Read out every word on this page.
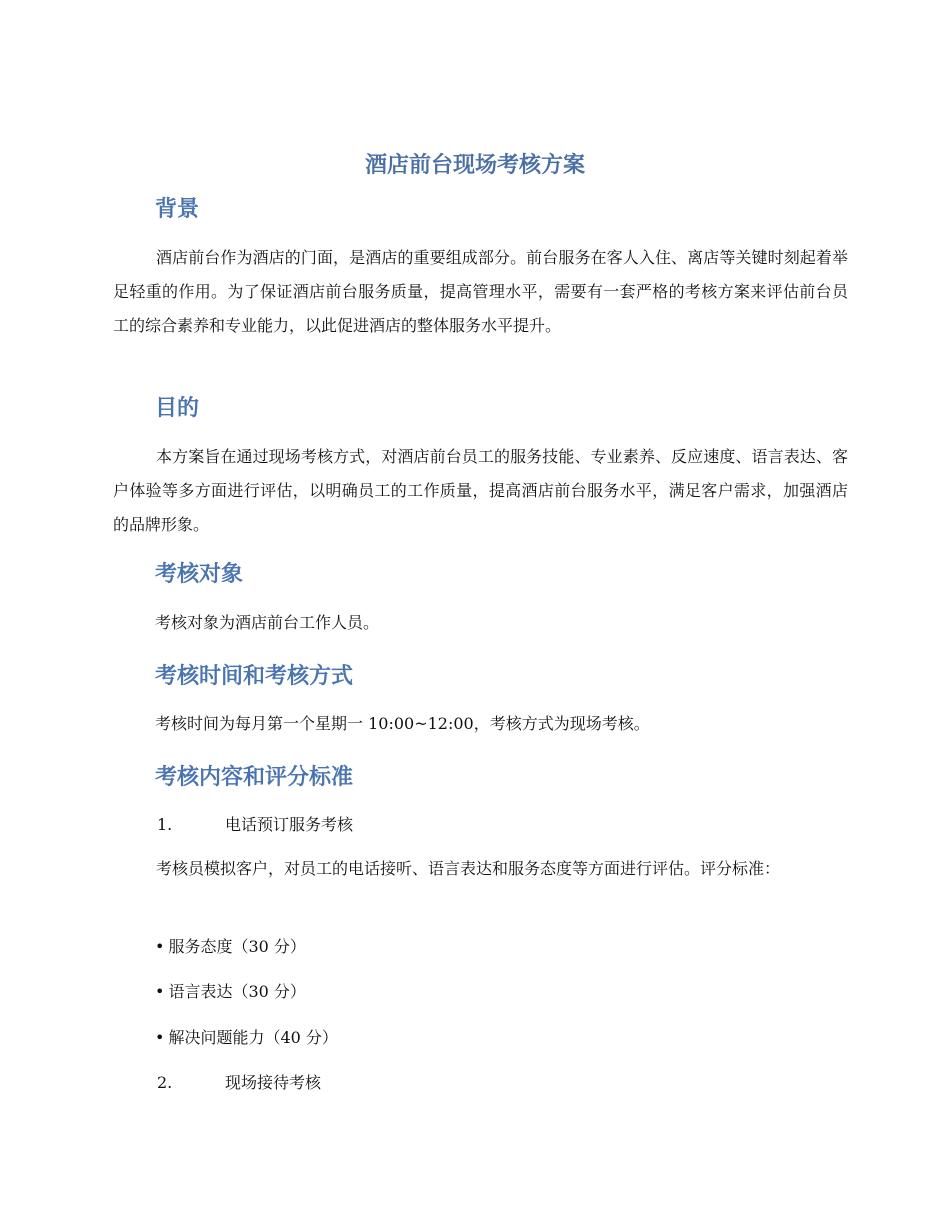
酒店前台现场考核方案
背景

酒店前台作为酒店的门面，是酒店的重要组成部分。前台服务在客人入住、离店等关键时刻起着举足轻重的作用。为了保证酒店前台服务质量，提高管理水平，需要有一套严格的考核方案来评估前台员工的综合素养和专业能力，以此促进酒店的整体服务水平提升。

目的

本方案旨在通过现场考核方式，对酒店前台员工的服务技能、专业素养、反应速度、语言表达、客户体验等多方面进行评估，以明确员工的工作质量，提高酒店前台服务水平，满足客户需求，加强酒店的品牌形象。

考核对象

考核对象为酒店前台工作人员。

考核时间和考核方式

考核时间为每月第一个星期一 10:00~12:00，考核方式为现场考核。

考核内容和评分标准
1.	电话预订服务考核

考核员模拟客户，对员工的电话接听、语言表达和服务态度等方面进行评估。评分标准：

• 服务态度（30 分）
• 语言表达（30 分）
• 解决问题能力（40 分）
2.	现场接待考核
